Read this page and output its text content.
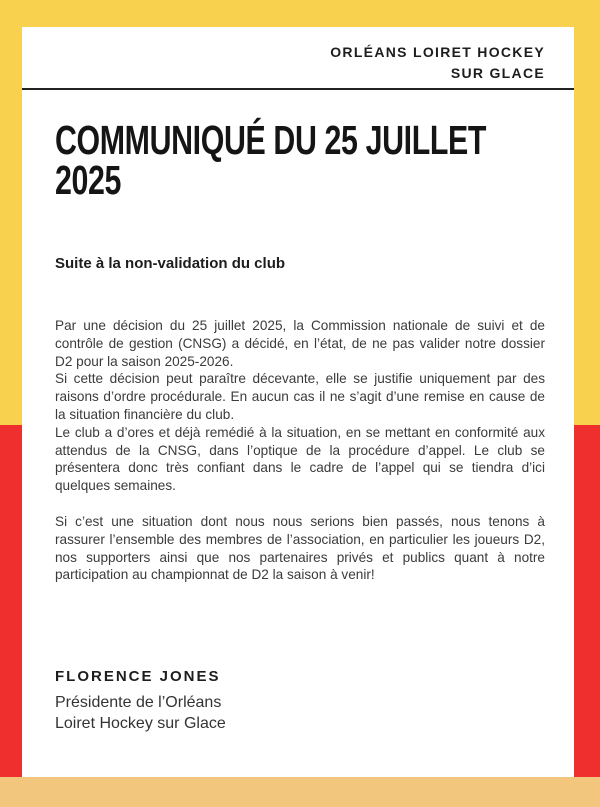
ORLÉANS LOIRET HOCKEY
SUR GLACE
COMMUNIQUÉ DU 25 JUILLET
2025
Suite à la non-validation du club

Par une décision du 25 juillet 2025, la Commission nationale de suivi et de contrôle de gestion (CNSG) a décidé, en l’état, de ne pas valider notre dossier D2 pour la saison 2025-2026.

Si cette décision peut paraître décevante, elle se justifie uniquement par des raisons d’ordre procédurale. En aucun cas il ne s’agit d’une remise en cause de la situation financière du club.

Le club a d’ores et déjà remédié à la situation, en se mettant en conformité aux attendus de la CNSG, dans l’optique de la procédure d’appel. Le club se présentera donc très confiant dans le cadre de l’appel qui se tiendra d’ici quelques semaines.

Si c’est une situation dont nous nous serions bien passés, nous tenons à rassurer l’ensemble des membres de l’association, en particulier les joueurs D2, nos supporters ainsi que nos partenaires privés et publics quant à notre participation au championnat de D2 la saison à venir!

FLORENCE JONES
Présidente de l’Orléans
Loiret Hockey sur Glace
